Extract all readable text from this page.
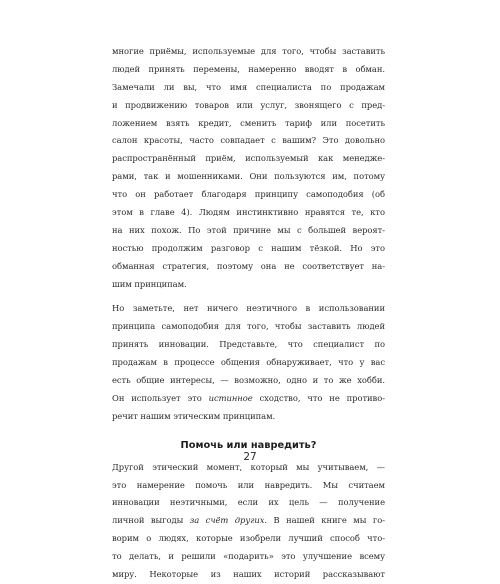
многие приёмы, используемые для того, чтобы заставить
людей принять перемены, намеренно вводят в обман.
Замечали ли вы, что имя специалиста по продажам
и продвижению товаров или услуг, звонящего с пред-
ложением взять кредит, сменить тариф или посетить
салон красоты, часто совпадает с вашим? Это довольно
распространённый приём, используемый как менедже-
рами, так и мошенниками. Они пользуются им, потому
что он работает благодаря принципу самоподобия (об
этом в главе 4). Людям инстинктивно нравятся те, кто
на них похож. По этой причине мы с большей вероят-
ностью продолжим разговор с нашим тёзкой. Но это
обманная стратегия, поэтому она не соответствует на-
шим принципам.

Но заметьте, нет ничего неэтичного в использовании
принципа самоподобия для того, чтобы заставить людей
принять инновации. Представьте, что специалист по
продажам в процессе общения обнаруживает, что у вас
есть общие интересы, — возможно, одно и то же хобби.
Он использует это истинное сходство, что не противо-
речит нашим этическим принципам.

Помочь или навредить?

Другой этический момент, который мы учитываем, —
это намерение помочь или навредить. Мы считаем
инновации неэтичными, если их цель — получение
личной выгоды за счёт других. В нашей книге мы го-
ворим о людях, которые изобрели лучший способ что-
то делать, и решили «подарить» это улучшение всему
миру. Некоторые из наших историй рассказывают

27
